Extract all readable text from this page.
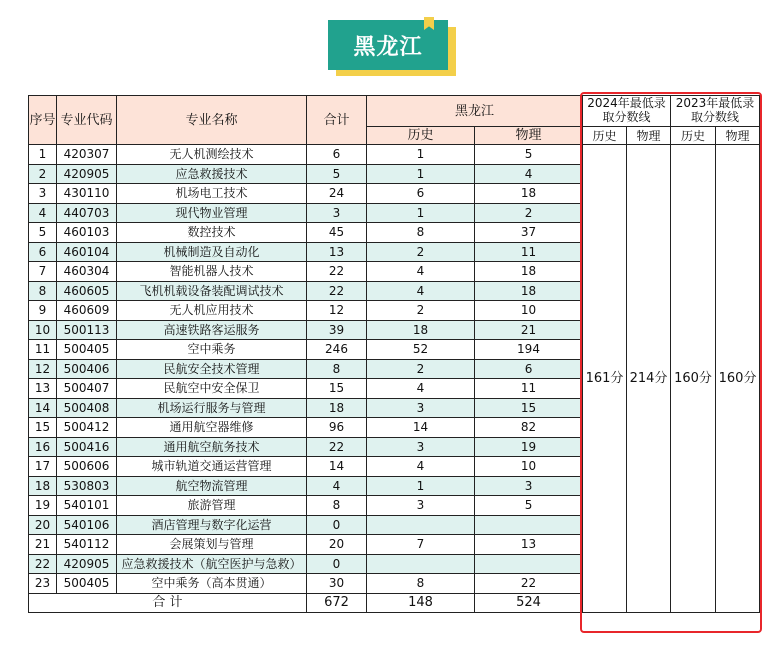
黑龙江
序号	专业代码	专业名称	合计	黑龙江		2024年最低录取分数线		2023年最低录取分数线	
				历史	物理	历史	物理	历史	物理
1	420307	无人机测绘技术	6	1	5	161分	214分	160分	160分
2	420905	应急救援技术	5	1	4				
3	430110	机场电工技术	24	6	18				
4	440703	现代物业管理	3	1	2				
5	460103	数控技术	45	8	37				
6	460104	机械制造及自动化	13	2	11				
7	460304	智能机器人技术	22	4	18				
8	460605	飞机机载设备装配调试技术	22	4	18				
9	460609	无人机应用技术	12	2	10				
10	500113	高速铁路客运服务	39	18	21				
11	500405	空中乘务	246	52	194				
12	500406	民航安全技术管理	8	2	6				
13	500407	民航空中安全保卫	15	4	11				
14	500408	机场运行服务与管理	18	3	15				
15	500412	通用航空器维修	96	14	82				
16	500416	通用航空航务技术	22	3	19				
17	500606	城市轨道交通运营管理	14	4	10				
18	530803	航空物流管理	4	1	3				
19	540101	旅游管理	8	3	5				
20	540106	酒店管理与数字化运营	0						
21	540112	会展策划与管理	20	7	13				
22	420905	应急救援技术（航空医护与急救）	0						
23	500405	空中乘务（高本贯通）	30	8	22				
合 计			672	148	524				
